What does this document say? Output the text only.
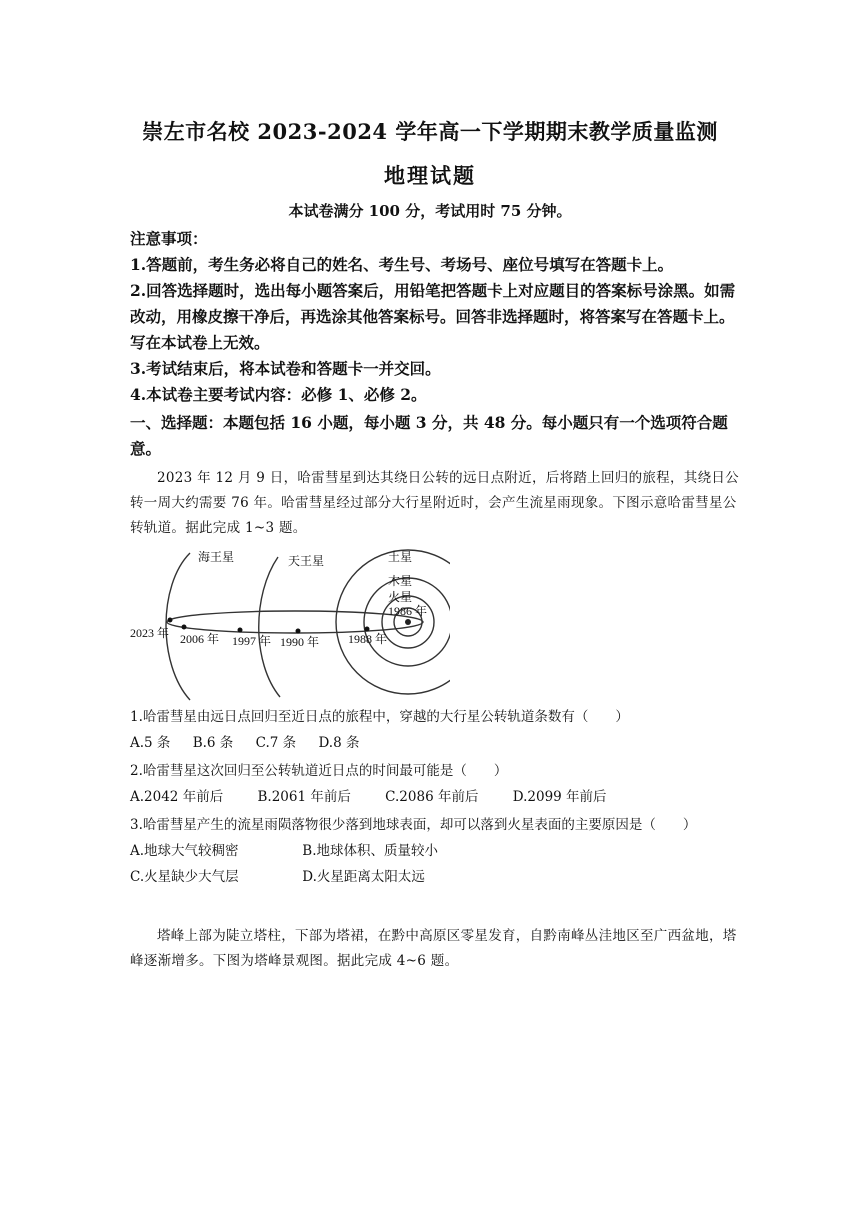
崇左市名校 2023-2024 学年高一下学期期末教学质量监测
地理试题
本试卷满分 100 分，考试用时 75 分钟。

注意事项：

1.答题前，考生务必将自己的姓名、考生号、考场号、座位号填写在答题卡上。

2.回答选择题时，选出每小题答案后，用铅笔把答题卡上对应题目的答案标号涂黑。如需改动，用橡皮擦干净后，再选涂其他答案标号。回答非选择题时，将答案写在答题卡上。写在本试卷上无效。

3.考试结束后，将本试卷和答题卡一并交回。

4.本试卷主要考试内容：必修 1、必修 2。

一、选择题：本题包括 16 小题，每小题 3 分，共 48 分。每小题只有一个选项符合题意。

2023 年 12 月 9 日，哈雷彗星到达其绕日公转的远日点附近，后将踏上回归的旅程，其绕日公转一周大约需要 76 年。哈雷彗星经过部分大行星附近时，会产生流星雨现象。下图示意哈雷彗星公转轨道。据此完成 1~3 题。

海王星	天王星	土星
木星
火星
2023 年 2006 年 1997 年 1990 年 1988 年
1986 年
1.哈雷彗星由远日点回归至近日点的旅程中，穿越的大行星公转轨道条数有（　　）
A.5 条 B.6 条 C.7 条 D.8 条
2.哈雷彗星这次回归至公转轨道近日点的时间最可能是（　　）
A.2042 年前后	B.2061 年前后	C.2086 年前后	D.2099 年前后
3.哈雷彗星产生的流星雨陨落物很少落到地球表面，却可以落到火星表面的主要原因是（　　）
A.地球大气较稠密	B.地球体积、质量较小
C.火星缺少大气层	D.火星距离太阳太远

塔峰上部为陡立塔柱，下部为塔裙，在黔中高原区零星发育，自黔南峰丛洼地区至广西盆地，塔峰逐渐增多。下图为塔峰景观图。据此完成 4~6 题。
